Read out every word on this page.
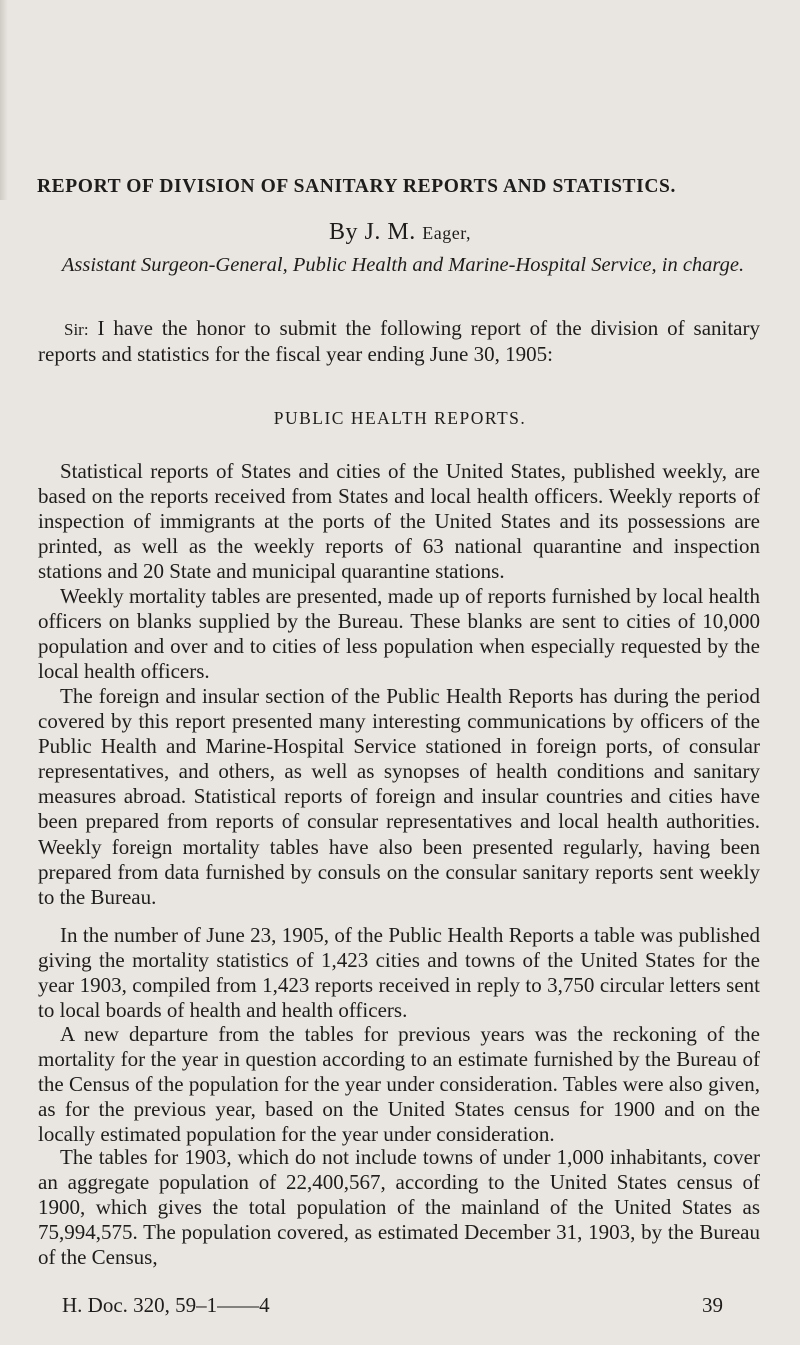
REPORT OF DIVISION OF SANITARY REPORTS AND STATISTICS.
By J. M. Eager,
Assistant Surgeon-General, Public Health and Marine-Hospital Service, in charge.

Sir: I have the honor to submit the following report of the division of sanitary reports and statistics for the fiscal year ending June 30, 1905:

PUBLIC HEALTH REPORTS.

Statistical reports of States and cities of the United States, published weekly, are based on the reports received from States and local health officers. Weekly reports of inspection of immigrants at the ports of the United States and its possessions are printed, as well as the weekly reports of 63 national quarantine and inspection stations and 20 State and municipal quarantine stations.

Weekly mortality tables are presented, made up of reports furnished by local health officers on blanks supplied by the Bureau. These blanks are sent to cities of 10,000 population and over and to cities of less population when especially requested by the local health officers.

The foreign and insular section of the Public Health Reports has during the period covered by this report presented many interesting communications by officers of the Public Health and Marine-Hospital Service stationed in foreign ports, of consular representatives, and others, as well as synopses of health conditions and sanitary measures abroad. Statistical reports of foreign and insular countries and cities have been prepared from reports of consular representatives and local health authorities. Weekly foreign mortality tables have also been presented regularly, having been prepared from data furnished by consuls on the consular sanitary reports sent weekly to the Bureau.

In the number of June 23, 1905, of the Public Health Reports a table was published giving the mortality statistics of 1,423 cities and towns of the United States for the year 1903, compiled from 1,423 reports received in reply to 3,750 circular letters sent to local boards of health and health officers.

A new departure from the tables for previous years was the reckoning of the mortality for the year in question according to an estimate furnished by the Bureau of the Census of the population for the year under consideration. Tables were also given, as for the previous year, based on the United States census for 1900 and on the locally estimated population for the year under consideration.

The tables for 1903, which do not include towns of under 1,000 inhabitants, cover an aggregate population of 22,400,567, according to the United States census of 1900, which gives the total population of the mainland of the United States as 75,994,575. The population covered, as estimated December 31, 1903, by the Bureau of the Census,

H. Doc. 320, 59–1——4	39
